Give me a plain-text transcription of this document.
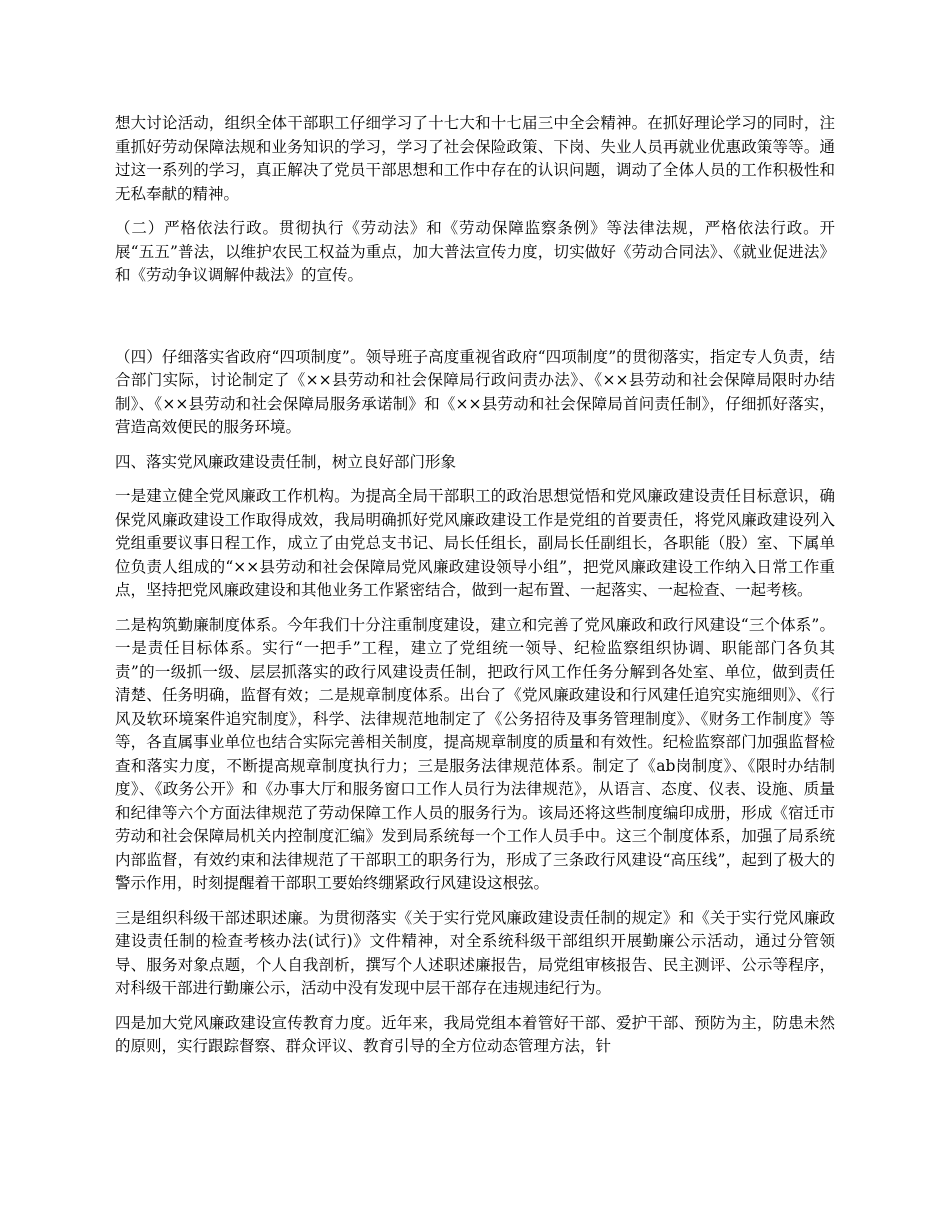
想大讨论活动，组织全体干部职工仔细学习了十七大和十七届三中全会精神。在抓好理论学习的同时，注重抓好劳动保障法规和业务知识的学习，学习了社会保险政策、下岗、失业人员再就业优惠政策等等。通过这一系列的学习，真正解决了党员干部思想和工作中存在的认识问题，调动了全体人员的工作积极性和无私奉献的精神。

（二）严格依法行政。贯彻执行《劳动法》和《劳动保障监察条例》等法律法规，严格依法行政。开展“五五”普法，以维护农民工权益为重点，加大普法宣传力度，切实做好《劳动合同法》、《就业促进法》和《劳动争议调解仲裁法》的宣传。

（四）仔细落实省政府“四项制度”。领导班子高度重视省政府“四项制度”的贯彻落实，指定专人负责，结合部门实际，讨论制定了《××县劳动和社会保障局行政问责办法》、《××县劳动和社会保障局限时办结制》、《××县劳动和社会保障局服务承诺制》和《××县劳动和社会保障局首问责任制》，仔细抓好落实，营造高效便民的服务环境。

四、落实党风廉政建设责任制，树立良好部门形象

一是建立健全党风廉政工作机构。为提高全局干部职工的政治思想觉悟和党风廉政建设责任目标意识，确保党风廉政建设工作取得成效，我局明确抓好党风廉政建设工作是党组的首要责任，将党风廉政建设列入党组重要议事日程工作，成立了由党总支书记、局长任组长，副局长任副组长，各职能（股）室、下属单位负责人组成的“××县劳动和社会保障局党风廉政建设领导小组”，把党风廉政建设工作纳入日常工作重点，坚持把党风廉政建设和其他业务工作紧密结合，做到一起布置、一起落实、一起检查、一起考核。

二是构筑勤廉制度体系。今年我们十分注重制度建设，建立和完善了党风廉政和政行风建设“三个体系”。一是责任目标体系。实行“一把手”工程，建立了党组统一领导、纪检监察组织协调、职能部门各负其责”的一级抓一级、层层抓落实的政行风建设责任制，把政行风工作任务分解到各处室、单位，做到责任清楚、任务明确，监督有效；二是规章制度体系。出台了《党风廉政建设和行风建任追究实施细则》、《行风及软环境案件追究制度》，科学、法律规范地制定了《公务招待及事务管理制度》、《财务工作制度》等等，各直属事业单位也结合实际完善相关制度，提高规章制度的质量和有效性。纪检监察部门加强监督检查和落实力度，不断提高规章制度执行力；三是服务法律规范体系。制定了《ab岗制度》、《限时办结制度》、《政务公开》和《办事大厅和服务窗口工作人员行为法律规范》，从语言、态度、仪表、设施、质量和纪律等六个方面法律规范了劳动保障工作人员的服务行为。该局还将这些制度编印成册，形成《宿迁市劳动和社会保障局机关内控制度汇编》发到局系统每一个工作人员手中。这三个制度体系，加强了局系统内部监督，有效约束和法律规范了干部职工的职务行为，形成了三条政行风建设“高压线”，起到了极大的警示作用，时刻提醒着干部职工要始终绷紧政行风建设这根弦。

三是组织科级干部述职述廉。为贯彻落实《关于实行党风廉政建设责任制的规定》和《关于实行党风廉政建设责任制的检查考核办法(试行)》文件精神，对全系统科级干部组织开展勤廉公示活动，通过分管领导、服务对象点题，个人自我剖析，撰写个人述职述廉报告，局党组审核报告、民主测评、公示等程序，对科级干部进行勤廉公示，活动中没有发现中层干部存在违规违纪行为。

四是加大党风廉政建设宣传教育力度。近年来，我局党组本着管好干部、爱护干部、预防为主，防患未然的原则，实行跟踪督察、群众评议、教育引导的全方位动态管理方法，针
